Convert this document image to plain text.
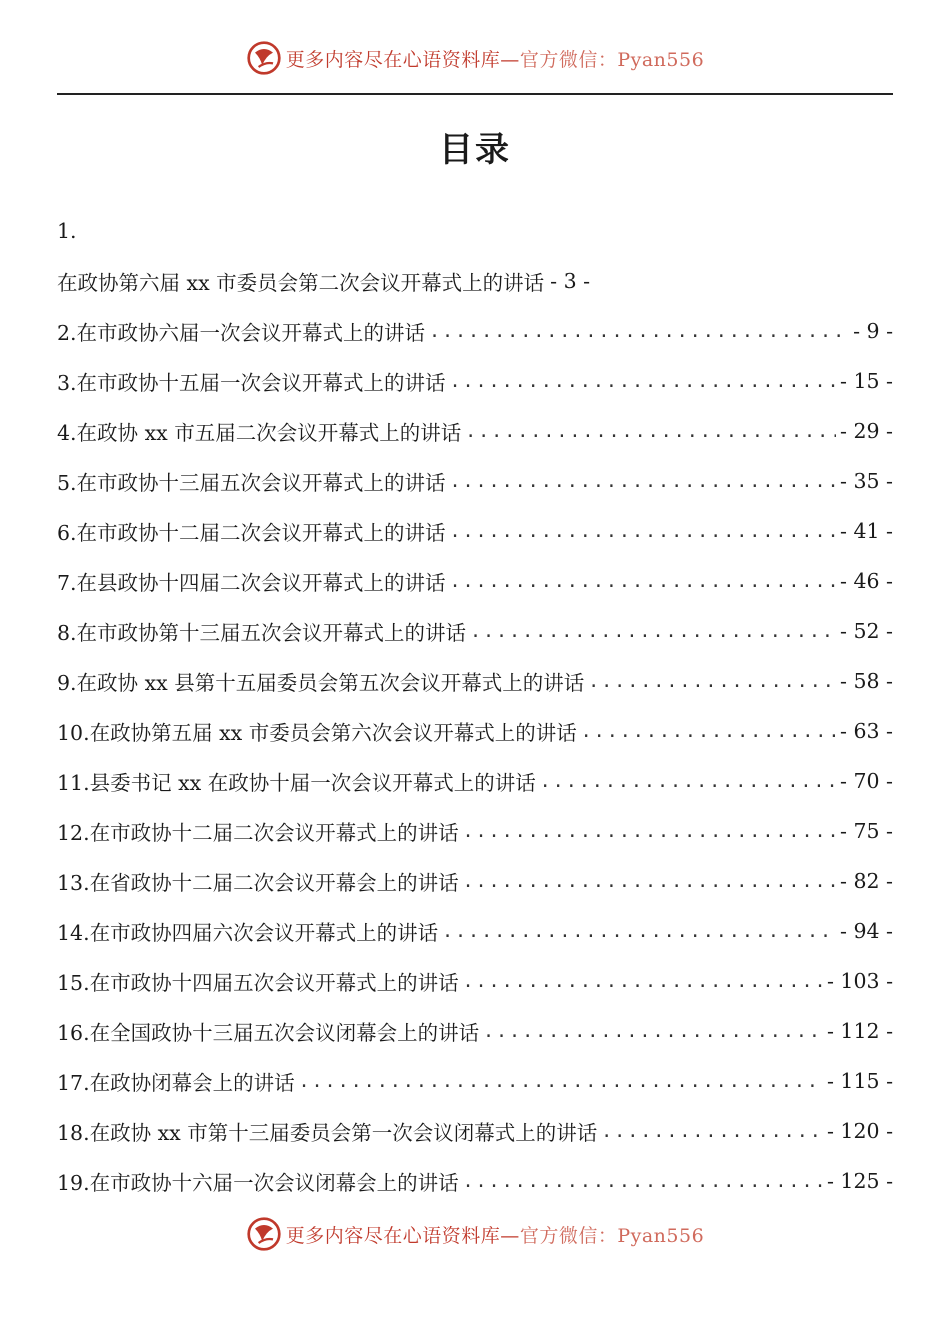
更多内容尽在心语资料库—官方微信：Pyan556
目录
1.
在政协第六届 xx 市委员会第二次会议开幕式上的讲话 - 3 -
2.在市政协六届一次会议开幕式上的讲话 .....	- 9 -
3.在市政协十五届一次会议开幕式上的讲话 .....	- 15 -
4.在政协 xx 市五届二次会议开幕式上的讲话 .....	- 29 -
5.在市政协十三届五次会议开幕式上的讲话 .....	- 35 -
6.在市政协十二届二次会议开幕式上的讲话 .....	- 41 -
7.在县政协十四届二次会议开幕式上的讲话 .....	- 46 -
8.在市政协第十三届五次会议开幕式上的讲话 .....	- 52 -
9.在政协 xx 县第十五届委员会第五次会议开幕式上的讲话 .....	- 58 -
10.在政协第五届 xx 市委员会第六次会议开幕式上的讲话 .....	- 63 -
11.县委书记 xx 在政协十届一次会议开幕式上的讲话 .....	- 70 -
12.在市政协十二届二次会议开幕式上的讲话 .....	- 75 -
13.在省政协十二届二次会议开幕会上的讲话 .....	- 82 -
14.在市政协四届六次会议开幕式上的讲话 .....	- 94 -
15.在市政协十四届五次会议开幕式上的讲话 .....	- 103 -
16.在全国政协十三届五次会议闭幕会上的讲话 .....	- 112 -
17.在政协闭幕会上的讲话 .....	- 115 -
18.在政协 xx 市第十三届委员会第一次会议闭幕式上的讲话 .....	- 120 -
19.在市政协十六届一次会议闭幕会上的讲话 .....	- 125 -
更多内容尽在心语资料库—官方微信：Pyan556
